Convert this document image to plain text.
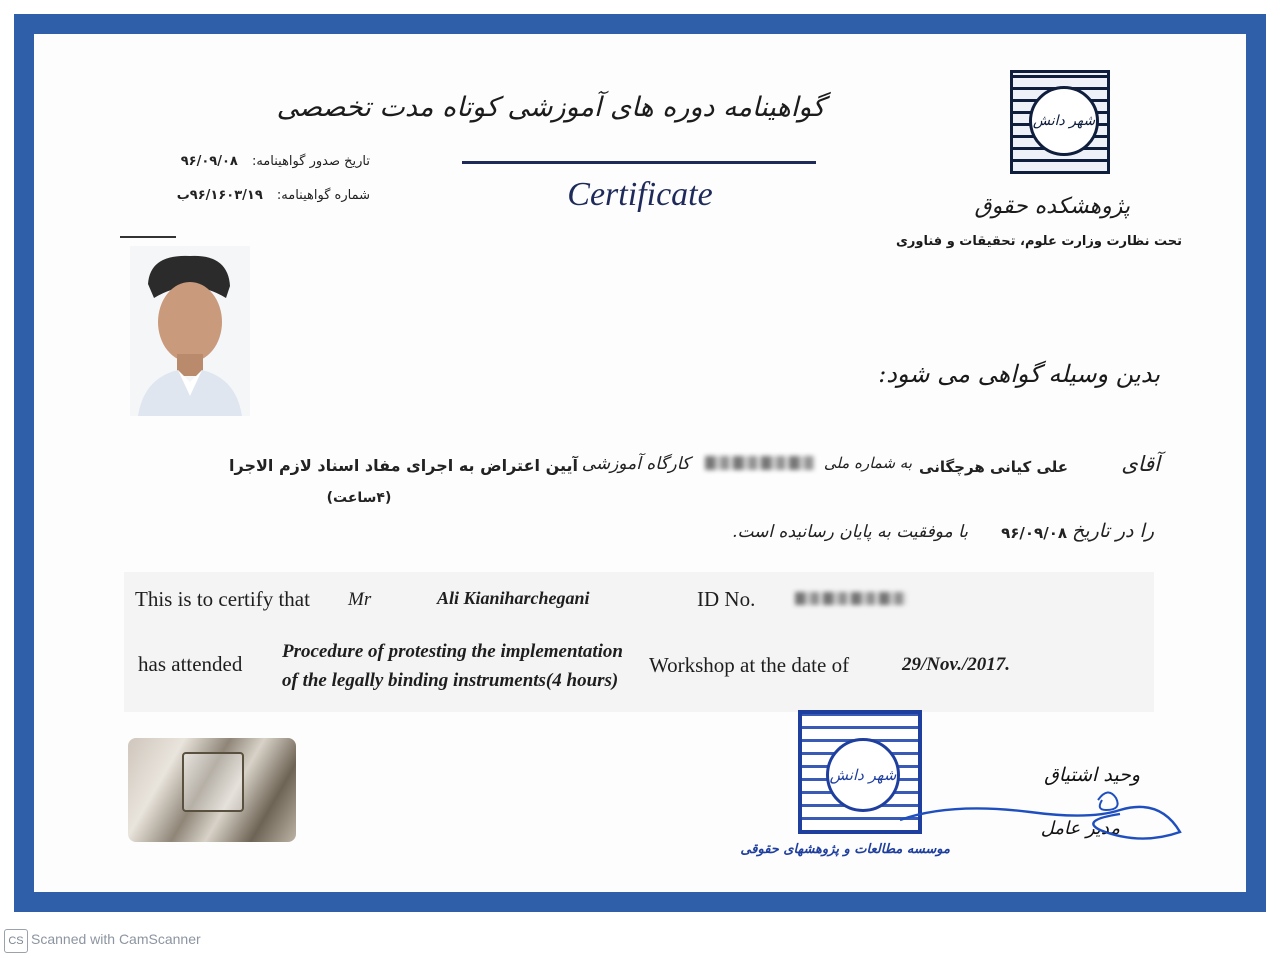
گواهینامه دوره های آموزشی کوتاه مدت تخصصی
Certificate
تاریخ صدور گواهینامه: ۹۶/۰۹/۰۸
شماره گواهینامه: ۹۶/۱۶۰۳/۱۹ب
شهر دانش
پژوهشکده حقوق
تحت نظارت وزارت علوم، تحقیقات و فناوری
بدین وسیله گواهی می شود:
آقای
علی کیانی هرچگانی
به شماره ملی
کارگاه آموزشی
آیین اعتراض به اجرای مفاد اسناد لازم الاجرا
(۴ساعت)
را در تاریخ
۹۶/۰۹/۰۸
با موفقیت به پایان رسانیده است.
This is to certify that Mr	Ali Kianiharchegani	ID No.
has attended
Procedure of protesting the implementation
of the legally binding instruments(4 hours)
Workshop at the date of	29/Nov./2017.
شهر دانش
موسسه مطالعات و پژوهشهای حقوقی
وحید اشتیاق
مدیر عامل
CS Scanned with CamScanner
